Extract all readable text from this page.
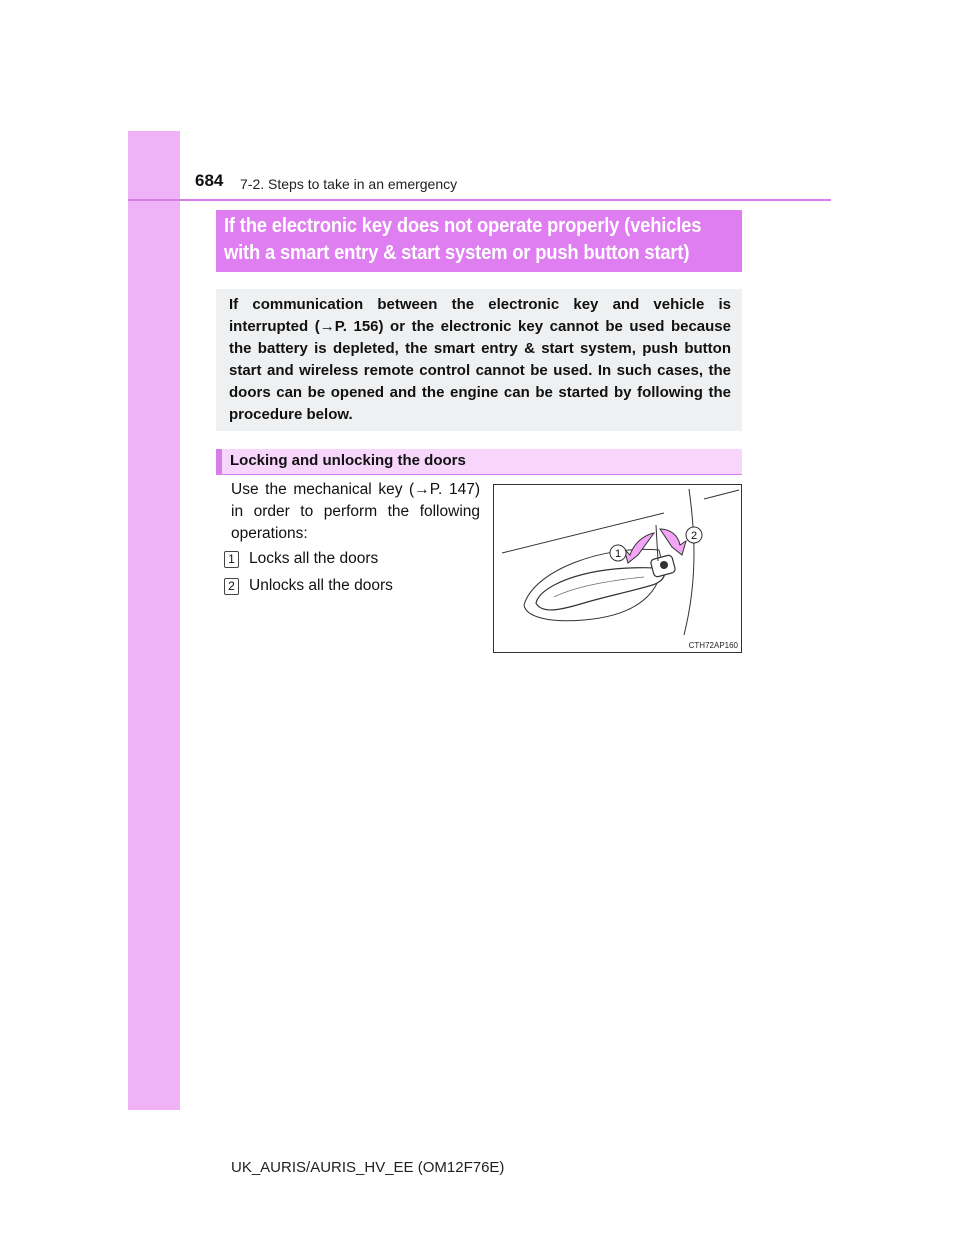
684 7-2. Steps to take in an emergency
If the electronic key does not operate properly (vehicles
with a smart entry & start system or push button start)

If communication between the electronic key and vehicle is interrupted (→P. 156) or the electronic key cannot be used because the battery is depleted, the smart entry & start system, push button start and wireless remote control cannot be used. In such cases, the doors can be opened and the engine can be started by following the procedure below.

Locking and unlocking the doors

Use the mechanical key (→P. 147) in order to perform the following operations:

1 Locks all the doors
2 Unlocks all the doors
1
2
CTH72AP160
UK_AURIS/AURIS_HV_EE (OM12F76E)
